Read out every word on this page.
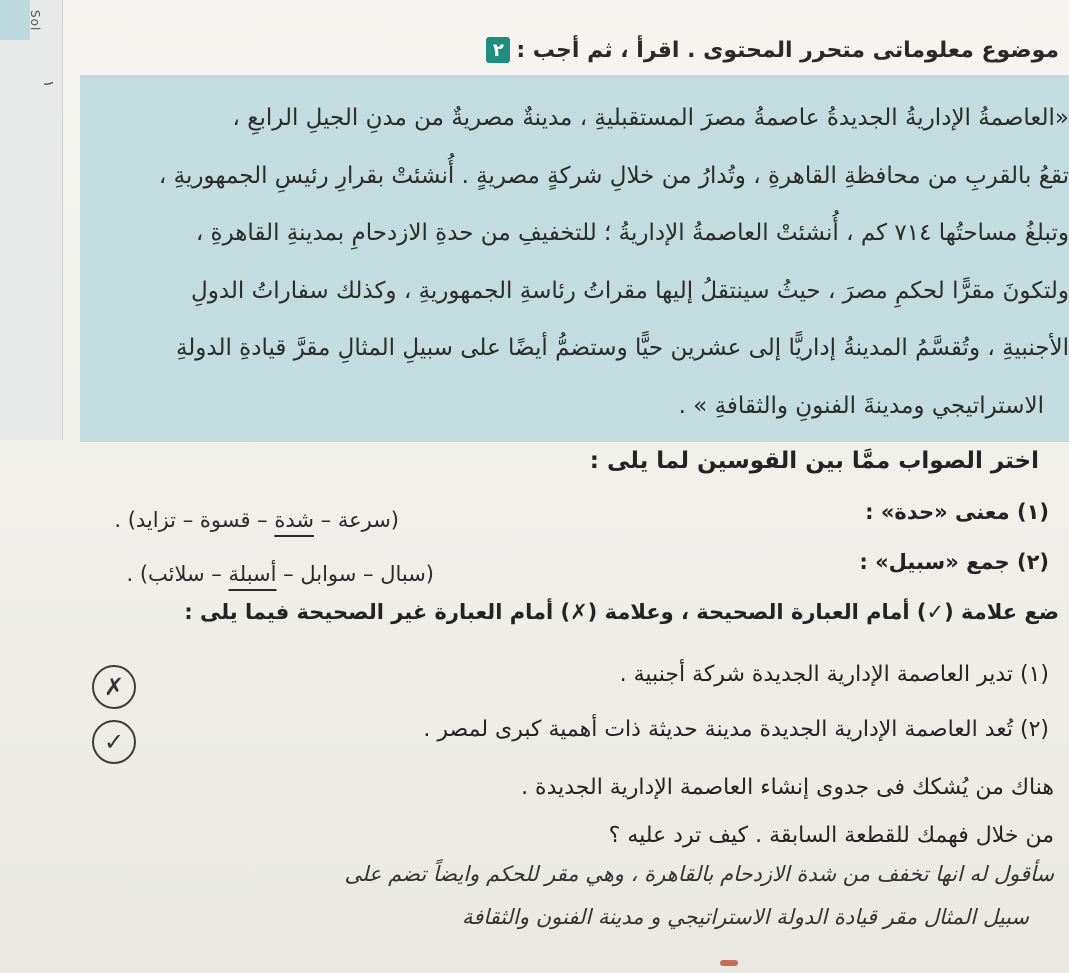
Sol
١
٢ موضوع معلوماتى متحرر المحتوى . اقرأ ، ثم أجب :
«العاصمةُ الإداريةُ الجديدةُ عاصمةُ مصرَ المستقبليةِ ، مدينةٌ مصريةٌ من مدنِ الجيلِ الرابعِ ،
تقعُ بالقربِ من محافظةِ القاهرةِ ، وتُدارُ من خلالِ شركةٍ مصريةٍ . أُنشئتْ بقرارِ رئيسِ الجمهوريةِ ،
وتبلغُ مساحتُها ٧١٤ كم ، أُنشئتْ العاصمةُ الإداريةُ ؛ للتخفيفِ من حدةِ الازدحامِ بمدينةِ القاهرةِ ،
ولتكونَ مقرًّا لحكمِ مصرَ ، حيثُ سينتقلُ إليها مقراتُ رئاسةِ الجمهوريةِ ، وكذلك سفاراتُ الدولِ
الأجنبيةِ ، وتُقسَّمُ المدينةُ إداريًّا إلى عشرين حيًّا وستضمُّ أيضًا على سبيلِ المثالِ مقرَّ قيادةِ الدولةِ
الاستراتيجي ومدينةَ الفنونِ والثقافةِ » .
اختر الصواب ممَّا بين القوسين لما يلى :
(١) معنى «حدة» :
(سرعة – شدة – قسوة – تزايد) .
(٢) جمع «سبيل» :
(سبال – سوابل – أسبلة – سلائب) .
ضع علامة (✓) أمام العبارة الصحيحة ، وعلامة (✗) أمام العبارة غير الصحيحة فيما يلى :
(١) تدير العاصمة الإدارية الجديدة شركة أجنبية .
✗
(٢) تُعد العاصمة الإدارية الجديدة مدينة حديثة ذات أهمية كبرى لمصر .
✓
هناك من يُشكك فى جدوى إنشاء العاصمة الإدارية الجديدة .
من خلال فهمك للقطعة السابقة . كيف ترد عليه ؟
سأقول له انها تخفف من شدة الازدحام بالقاهرة ، وهي مقر للحكم وايضاً تضم على
سبيل المثال مقر قيادة الدولة الاستراتيجي و مدينة الفنون والثقافة
